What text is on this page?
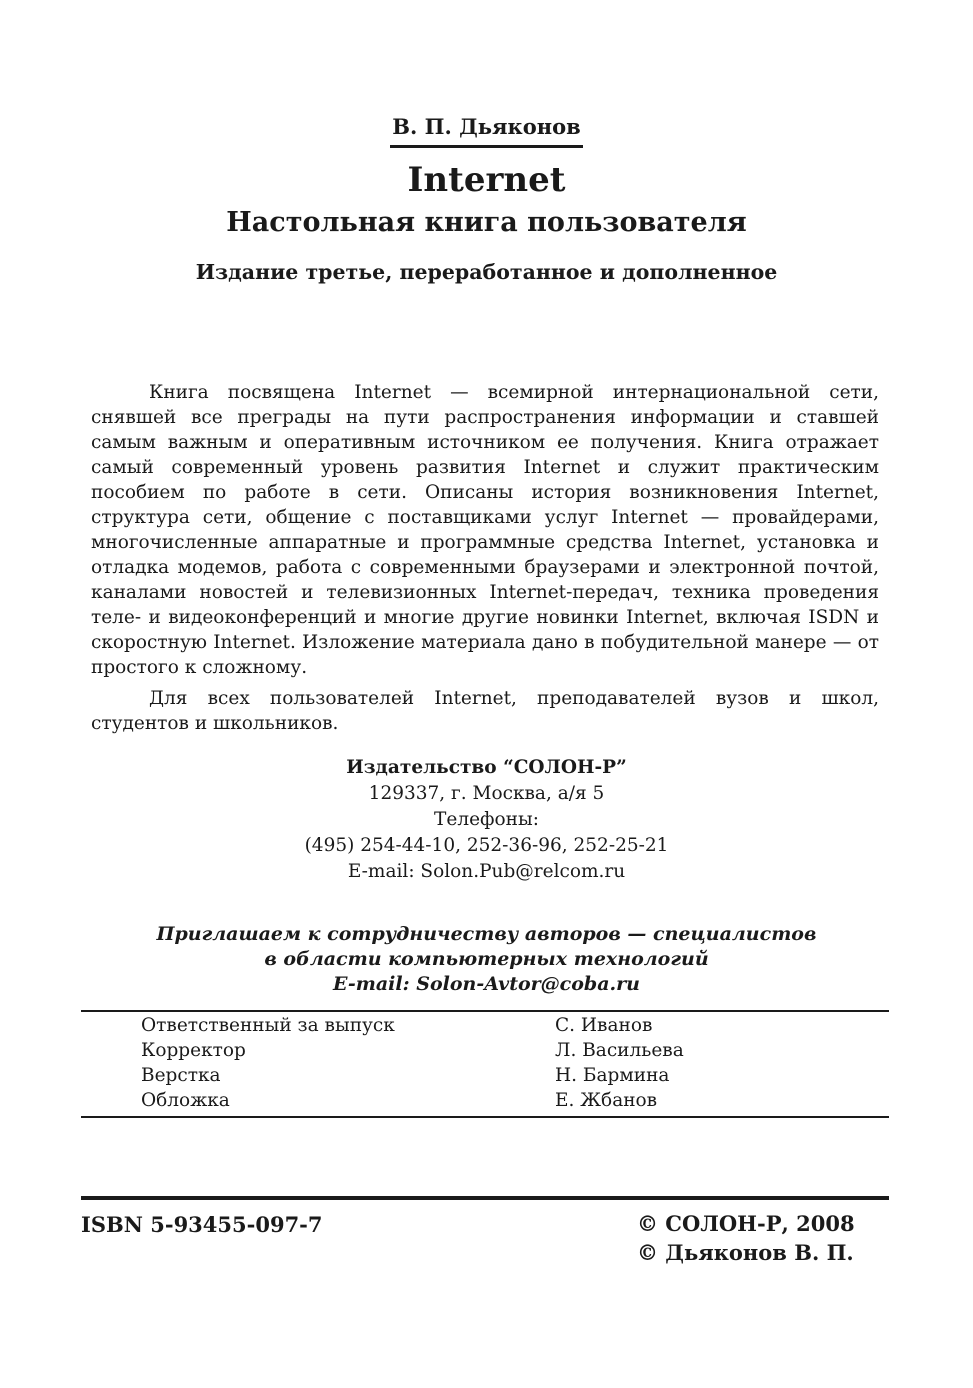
В. П. Дьяконов
Internet
Настольная книга пользователя
Издание третье, переработанное и дополненное

Книга посвящена Internet — всемирной интернациональной сети, снявшей все преграды на пути распространения информации и ставшей самым важным и оперативным источником ее получения. Книга отражает самый современный уровень развития Internet и служит практическим пособием по работе в сети. Описаны история возникновения Internet, структура сети, общение с поставщиками услуг Internet — провайдерами, многочисленные аппаратные и программные средства Internet, установка и отладка модемов, работа с современными браузерами и электронной почтой, каналами новостей и телевизионных Internet-передач, техника проведения теле- и видеоконференций и многие другие новинки Internet, включая ISDN и скоростную Internet. Изложение материала дано в побудительной манере — от простого к сложному.

Для всех пользователей Internet, преподавателей вузов и школ, студентов и школьников.

Издательство “СОЛОН-Р”
129337, г. Москва, а/я 5
Телефоны:
(495) 254-44-10, 252-36-96, 252-25-21
E-mail: Solon.Pub@relcom.ru
Приглашаем к сотрудничеству авторов — специалистов
в области компьютерных технологий
E-mail: Solon-Avtor@coba.ru
Ответственный за выпуск	С. Иванов
Корректор	Л. Васильева
Верстка	Н. Бармина
Обложка	Е. Жбанов
ISBN 5-93455-097-7	© СОЛОН-Р, 2008
© Дьяконов В. П.
